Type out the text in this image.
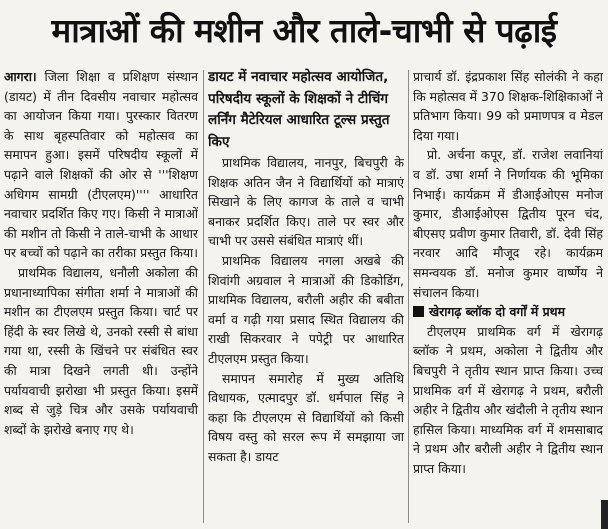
मात्राओं की मशीन और ताले-चाभी से पढ़ाई

आगरा। जिला शिक्षा व प्रशिक्षण संस्थान (डायट) में तीन दिवसीय नवाचार महोत्सव का आयोजन किया गया। पुरस्कार वितरण के साथ बृहस्पतिवार को महोत्सव का समापन हुआ। इसमें परिषदीय स्कूलों में पढ़ाने वाले शिक्षकों की ओर से '''शिक्षण अधिगम सामग्री (टीएलएम)'''' आधारित नवाचार प्रदर्शित किए गए। किसी ने मात्राओं की मशीन तो किसी ने ताले-चाभी के आधार पर बच्चों को पढ़ाने का तरीका प्रस्तुत किया।

प्राथमिक विद्यालय, धनौली अकोला की प्रधानाध्यापिका संगीता शर्मा ने मात्राओं की मशीन का टीएलएम प्रस्तुत किया। चार्ट पर हिंदी के स्वर लिखे थे, उनको रस्सी से बांधा गया था, रस्सी के खिंचने पर संबंधित स्वर की मात्रा दिखने लगती थी। उन्होंने पर्यायवाची झरोखा भी प्रस्तुत किया। इसमें शब्द से जुड़े चित्र और उसके पर्यायवाची शब्दों के झरोखे बनाए गए थे।

डायट में नवाचार महोत्सव आयोजित, परिषदीय स्कूलों के शिक्षकों ने टीचिंग लर्निंग मैटेरियल आधारित टूल्स प्रस्तुत किए

प्राथमिक विद्यालय, नानपुर, बिचपुरी के शिक्षक अतिन जैन ने विद्यार्थियों को मात्राएं सिखाने के लिए कागज के ताले व चाभी बनाकर प्रदर्शित किए। ताले पर स्वर और चाभी पर उससे संबंधित मात्राएं थीं।

प्राथमिक विद्यालय नगला अखबे की शिवांगी अग्रवाल ने मात्राओं की डिकोडिंग, प्राथमिक विद्यालय, बरौली अहीर की बबीता वर्मा व गढ़ी गया प्रसाद स्थित विद्यालय की राखी सिकरवार ने पपेट्री पर आधारित टीएलएम प्रस्तुत किया।

समापन समारोह में मुख्य अतिथि विधायक, एत्मादपुर डॉ. धर्मपाल सिंह ने कहा कि टीएलएम से विद्यार्थियों को किसी विषय वस्तु को सरल रूप में समझाया जा सकता है। डायट

प्राचार्य डॉ. इंद्रप्रकाश सिंह सोलंकी ने कहा कि महोत्सव में 370 शिक्षक-शिक्षिकाओं ने प्रतिभाग किया। 99 को प्रमाणपत्र व मेडल दिया गया।

प्रो. अर्चना कपूर, डॉ. राजेश लवानियां व डॉ. उषा शर्मा ने निर्णायक की भूमिका निभाई। कार्यक्रम में डीआईओएस मनोज कुमार, डीआईओएस द्वितीय पूरन चंद, बीएसए प्रवीण कुमार तिवारी, डॉ. देवी सिंह नरवार आदि मौजूद रहे। कार्यक्रम समन्वयक डॉ. मनोज कुमार वार्ष्णेय ने संचालन किया।

खेरागढ़ ब्लॉक दो वर्गों में प्रथम

टीएलएम प्राथमिक वर्ग में खेरागढ़ ब्लॉक ने प्रथम, अकोला ने द्वितीय और बिचपुरी ने तृतीय स्थान प्राप्त किया। उच्च प्राथमिक वर्ग में खेरागढ़ ने प्रथम, बरौली अहीर ने द्वितीय और खंदौली ने तृतीय स्थान हासिल किया। माध्यमिक वर्ग में शमसाबाद ने प्रथम और बरौली अहीर ने द्वितीय स्थान प्राप्त किया।
